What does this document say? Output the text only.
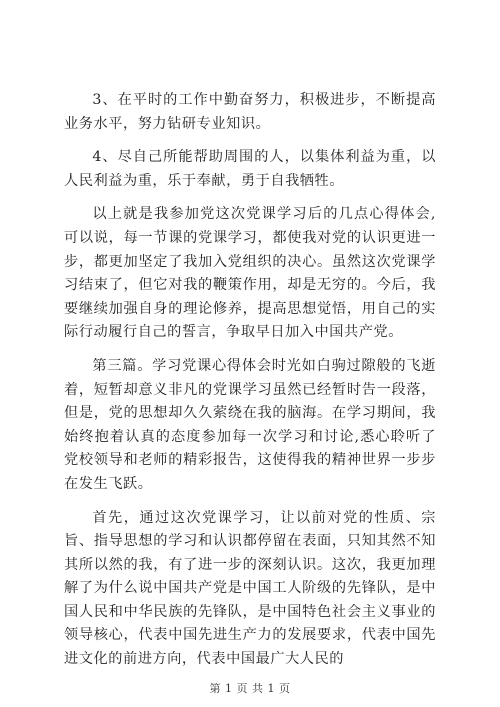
3、在平时的工作中勤奋努力，积极进步，不断提高业务水平，努力钻研专业知识。

4、尽自己所能帮助周围的人，以集体利益为重，以人民利益为重，乐于奉献，勇于自我牺牲。

以上就是我参加党这次党课学习后的几点心得体会,可以说，每一节课的党课学习，都使我对党的认识更进一步，都更加坚定了我加入党组织的决心。虽然这次党课学习结束了，但它对我的鞭策作用，却是无穷的。今后，我要继续加强自身的理论修养，提高思想觉悟，用自己的实际行动履行自己的誓言，争取早日加入中国共产党。

第三篇。学习党课心得体会时光如白驹过隙般的飞逝着，短暂却意义非凡的党课学习虽然已经暂时告一段落，但是，党的思想却久久萦绕在我的脑海。在学习期间，我始终抱着认真的态度参加每一次学习和讨论,悉心聆听了党校领导和老师的精彩报告，这使得我的精神世界一步步在发生飞跃。

首先，通过这次党课学习，让以前对党的性质、宗旨、指导思想的学习和认识都停留在表面，只知其然不知其所以然的我，有了进一步的深刻认识。这次，我更加理解了为什么说中国共产党是中国工人阶级的先锋队，是中国人民和中华民族的先锋队，是中国特色社会主义事业的领导核心，代表中国先进生产力的发展要求，代表中国先进文化的前进方向，代表中国最广大人民的

第 1 页 共 1 页
